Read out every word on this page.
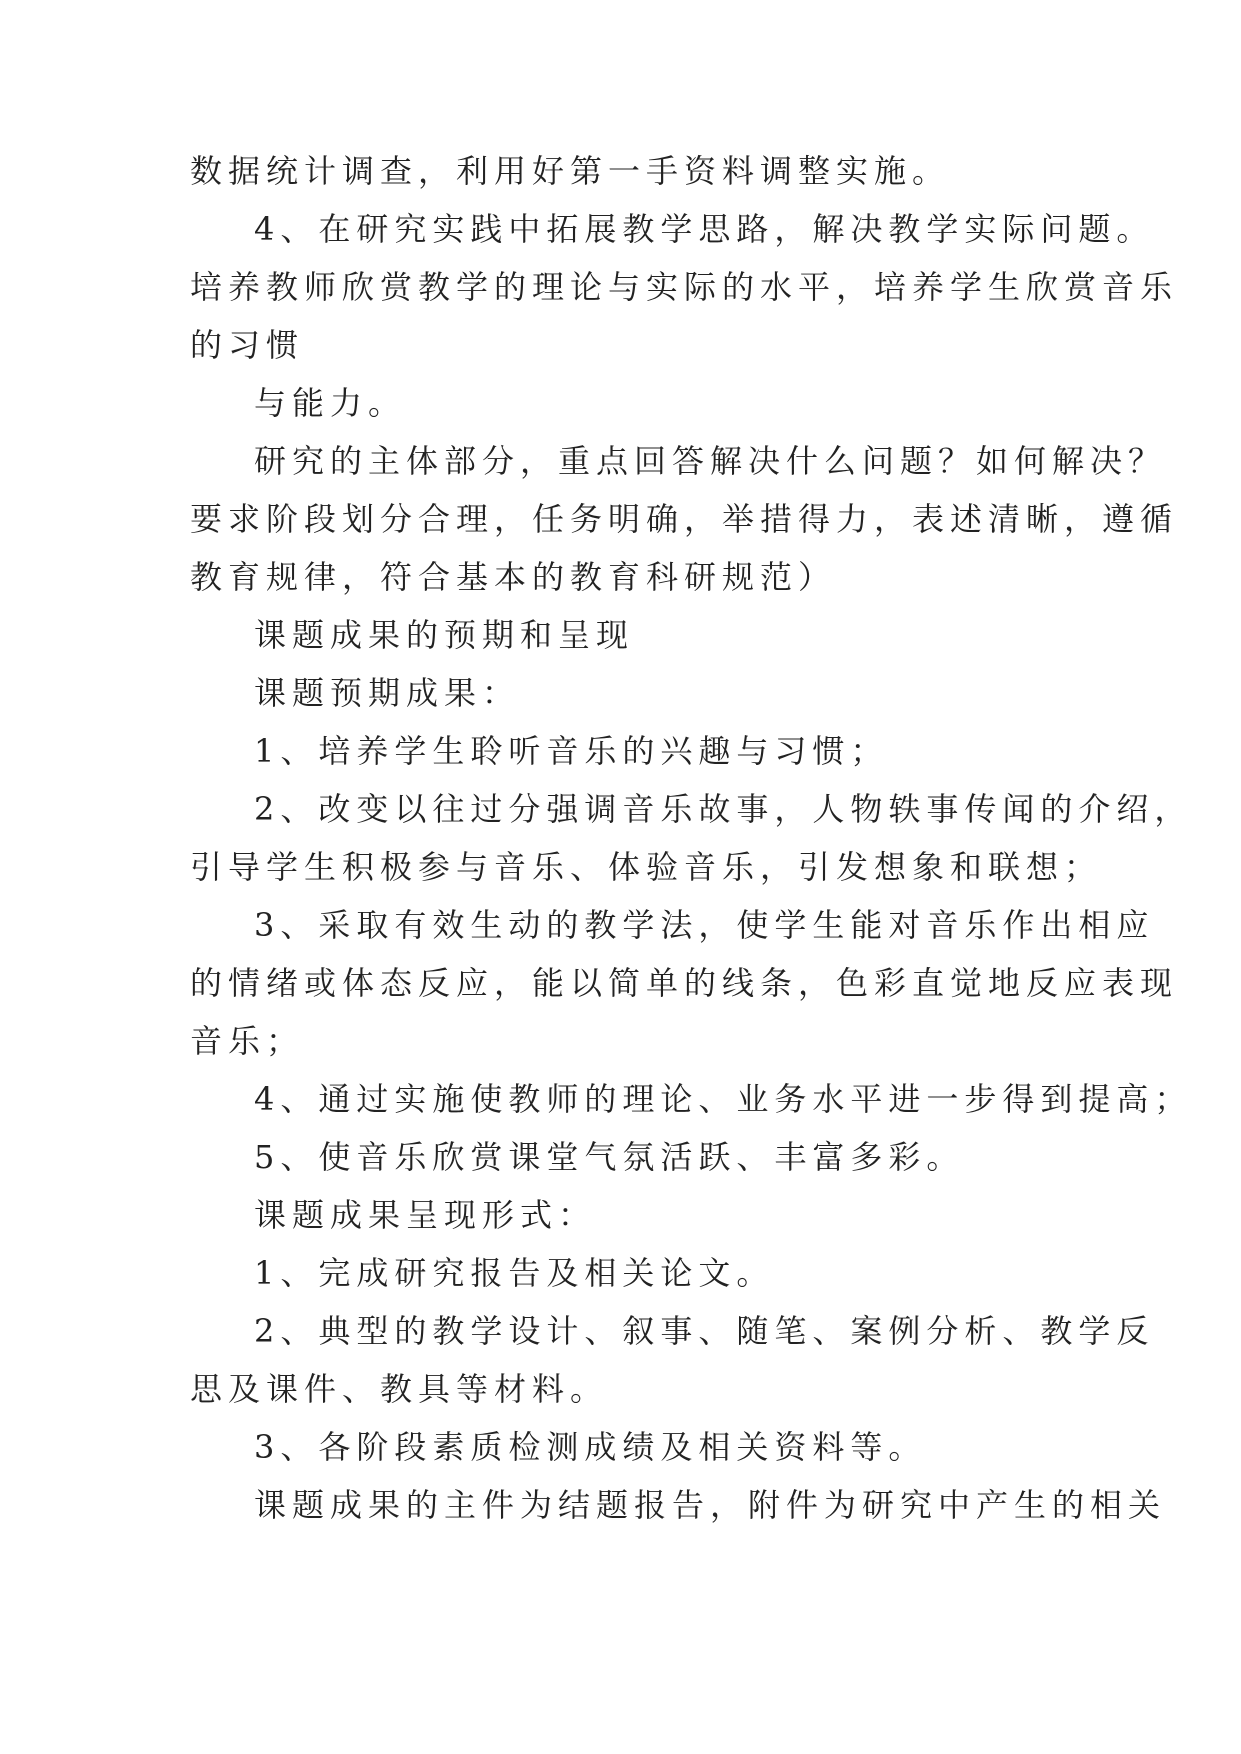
数据统计调查，利用好第一手资料调整实施。
4、在研究实践中拓展教学思路，解决教学实际问题。
培养教师欣赏教学的理论与实际的水平，培养学生欣赏音乐
的习惯
与能力。
研究的主体部分，重点回答解决什么问题？如何解决？
要求阶段划分合理，任务明确，举措得力，表述清晰，遵循
教育规律，符合基本的教育科研规范）
课题成果的预期和呈现
课题预期成果：
1、培养学生聆听音乐的兴趣与习惯；
2、改变以往过分强调音乐故事，人物轶事传闻的介绍，
引导学生积极参与音乐、体验音乐，引发想象和联想；
3、采取有效生动的教学法，使学生能对音乐作出相应
的情绪或体态反应，能以简单的线条，色彩直觉地反应表现
音乐；
4、通过实施使教师的理论、业务水平进一步得到提高；
5、使音乐欣赏课堂气氛活跃、丰富多彩。
课题成果呈现形式：
1、完成研究报告及相关论文。
2、典型的教学设计、叙事、随笔、案例分析、教学反
思及课件、教具等材料。
3、各阶段素质检测成绩及相关资料等。
课题成果的主件为结题报告，附件为研究中产生的相关
